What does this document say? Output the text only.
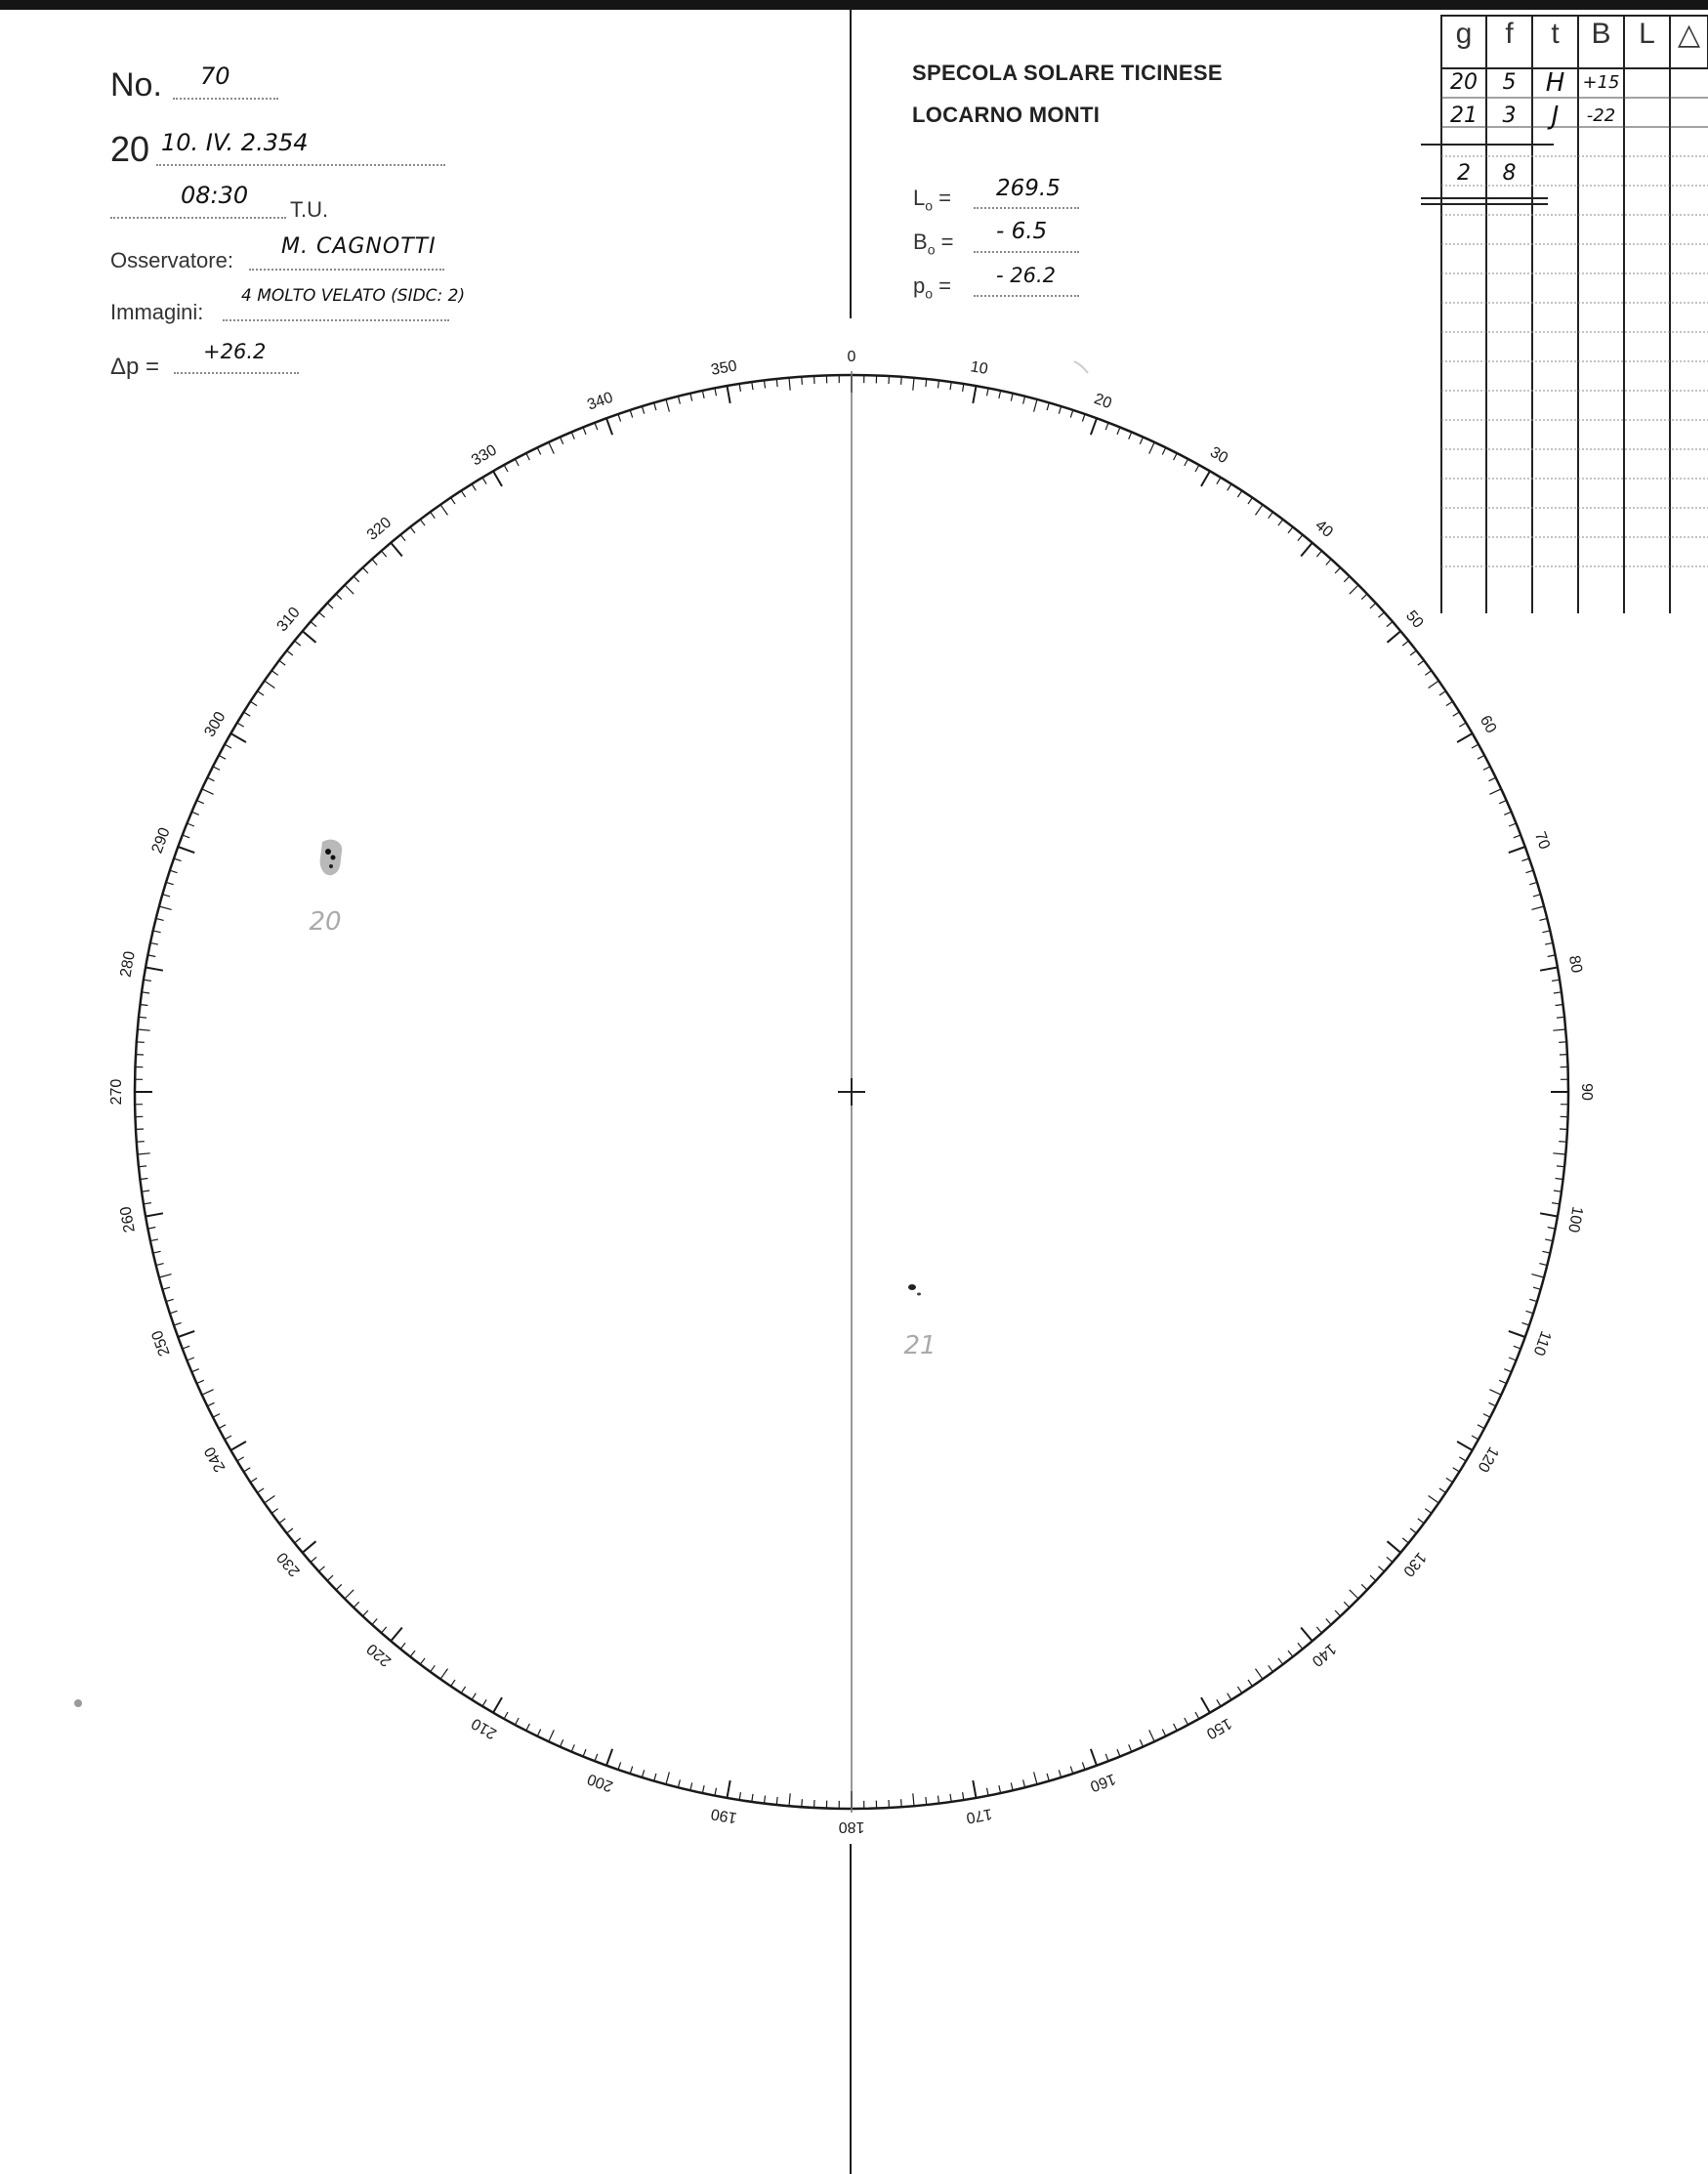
No. 70
20 10. IV. 2.354
08:30
T.U.
Osservatore:
M. CAGNOTTI
Immagini:
4 MOLTO VELATO (SIDC: 2)
Δp =
+26.2
SPECOLA SOLARE TICINESE
LOCARNO MONTI
$L_o = 269.5$
$B_o$ = - 6.5
$p_o$ = - 26.2
g	f	t	B L △
20	5	H	+15
21	3	J	-22
2	8
0
10
20
30
40
50
60
70
80
90
100
110
120
130
140
150
160
170
180
190
200
210
220
230
240
250
260
270
280
290
300
310
320
330
340
350
20
21
